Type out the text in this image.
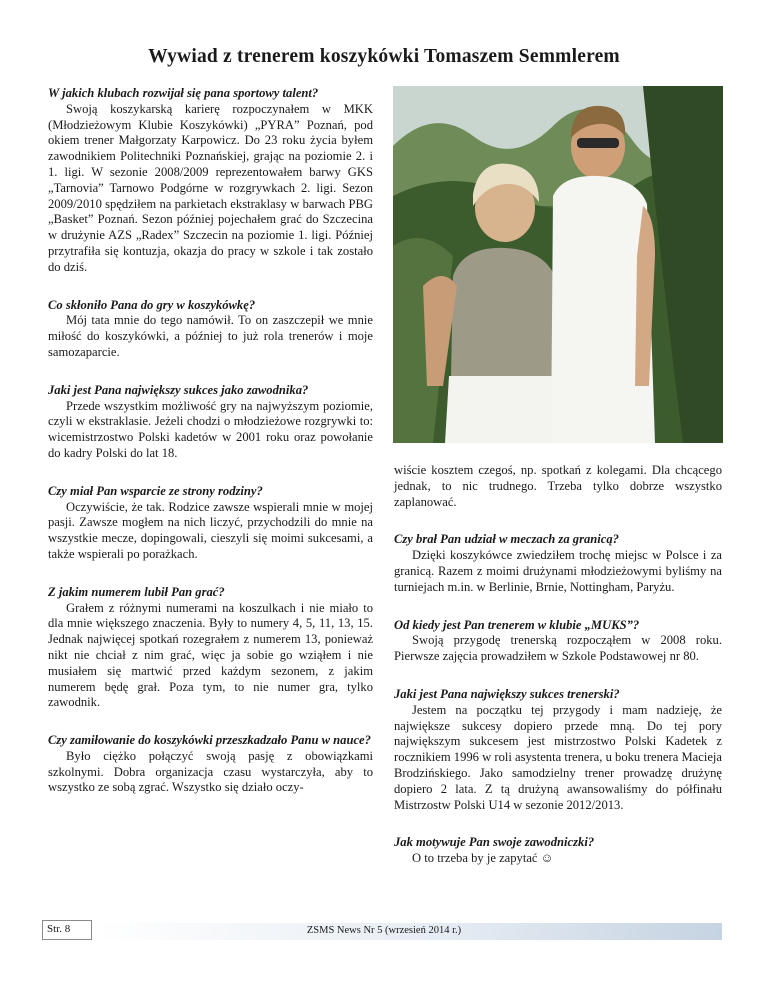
Wywiad z trenerem koszykówki Tomaszem Semmlerem

W jakich klubach rozwijał się pana sportowy talent?

Swoją koszykarską karierę rozpoczynałem w MKK (Młodzieżowym Klubie Koszykówki) „PYRA” Poznań, pod okiem trener Małgorzaty Karpowicz. Do 23 roku życia byłem zawodnikiem Politechniki Poznańskiej, grając na poziomie 2. i 1. ligi. W sezonie 2008/2009 reprezentowałem barwy GKS „Tarnovia” Tarnowo Podgórne w rozgrywkach 2. ligi. Sezon 2009/2010 spędziłem na parkietach ekstraklasy w barwach PBG „Basket” Poznań. Sezon później pojechałem grać do Szczecina w drużynie AZS „Radex” Szczecin na poziomie 1. ligi. Później przytrafiła się kontuzja, okazja do pracy w szkole i tak zostało do dziś.

Co skłoniło Pana do gry w koszykówkę?

Mój tata mnie do tego namówił. To on zaszczepił we mnie miłość do koszykówki, a później to już rola trenerów i moje samozaparcie.

Jaki jest Pana największy sukces jako zawodnika?

Przede wszystkim możliwość gry na najwyższym poziomie, czyli w ekstraklasie. Jeżeli chodzi o młodzieżowe rozgrywki to: wicemistrzostwo Polski kadetów w 2001 roku oraz powołanie do kadry Polski do lat 18.

Czy miał Pan wsparcie ze strony rodziny?

Oczywiście, że tak. Rodzice zawsze wspierali mnie w mojej pasji. Zawsze mogłem na nich liczyć, przychodzili do mnie na wszystkie mecze, dopingowali, cieszyli się moimi sukcesami, a także wspierali po porażkach.

Z jakim numerem lubił Pan grać?

Grałem z różnymi numerami na koszulkach i nie miało to dla mnie większego znaczenia. Były to numery 4, 5, 11, 13, 15. Jednak najwięcej spotkań rozegrałem z numerem 13, ponieważ nikt nie chciał z nim grać, więc ja sobie go wziąłem i nie musiałem się martwić przed każdym sezonem, z jakim numerem będę grał. Poza tym, to nie numer gra, tylko zawodnik.

Czy zamiłowanie do koszykówki przeszkadzało Panu w nauce?

Było ciężko połączyć swoją pasję z obowiązkami szkolnymi. Dobra organizacja czasu wystarczyła, aby to wszystko ze sobą zgrać. Wszystko się działo oczy-

wiście kosztem czegoś, np. spotkań z kolegami. Dla chcącego jednak, to nic trudnego. Trzeba tylko dobrze wszystko zaplanować.

Czy brał Pan udział w meczach za granicą?

Dzięki koszykówce zwiedziłem trochę miejsc w Polsce i za granicą. Razem z moimi drużynami młodzieżowymi byliśmy na turniejach m.in. w Berlinie, Brnie, Nottingham, Paryżu.

Od kiedy jest Pan trenerem w klubie „MUKS”?

Swoją przygodę trenerską rozpocząłem w 2008 roku. Pierwsze zajęcia prowadziłem w Szkole Podstawowej nr 80.

Jaki jest Pana największy sukces trenerski?

Jestem na początku tej przygody i mam nadzieję, że największe sukcesy dopiero przede mną. Do tej pory największym sukcesem jest mistrzostwo Polski Kadetek z rocznikiem 1996 w roli asystenta trenera, u boku trenera Macieja Brodzińskiego. Jako samodzielny trener prowadzę drużynę dopiero 2 lata. Z tą drużyną awansowaliśmy do półfinału Mistrzostw Polski U14 w sezonie 2012/2013.

Jak motywuje Pan swoje zawodniczki?

O to trzeba by je zapytać ☺

Str. 8	ZSMS News Nr 5 (wrzesień 2014 r.)
